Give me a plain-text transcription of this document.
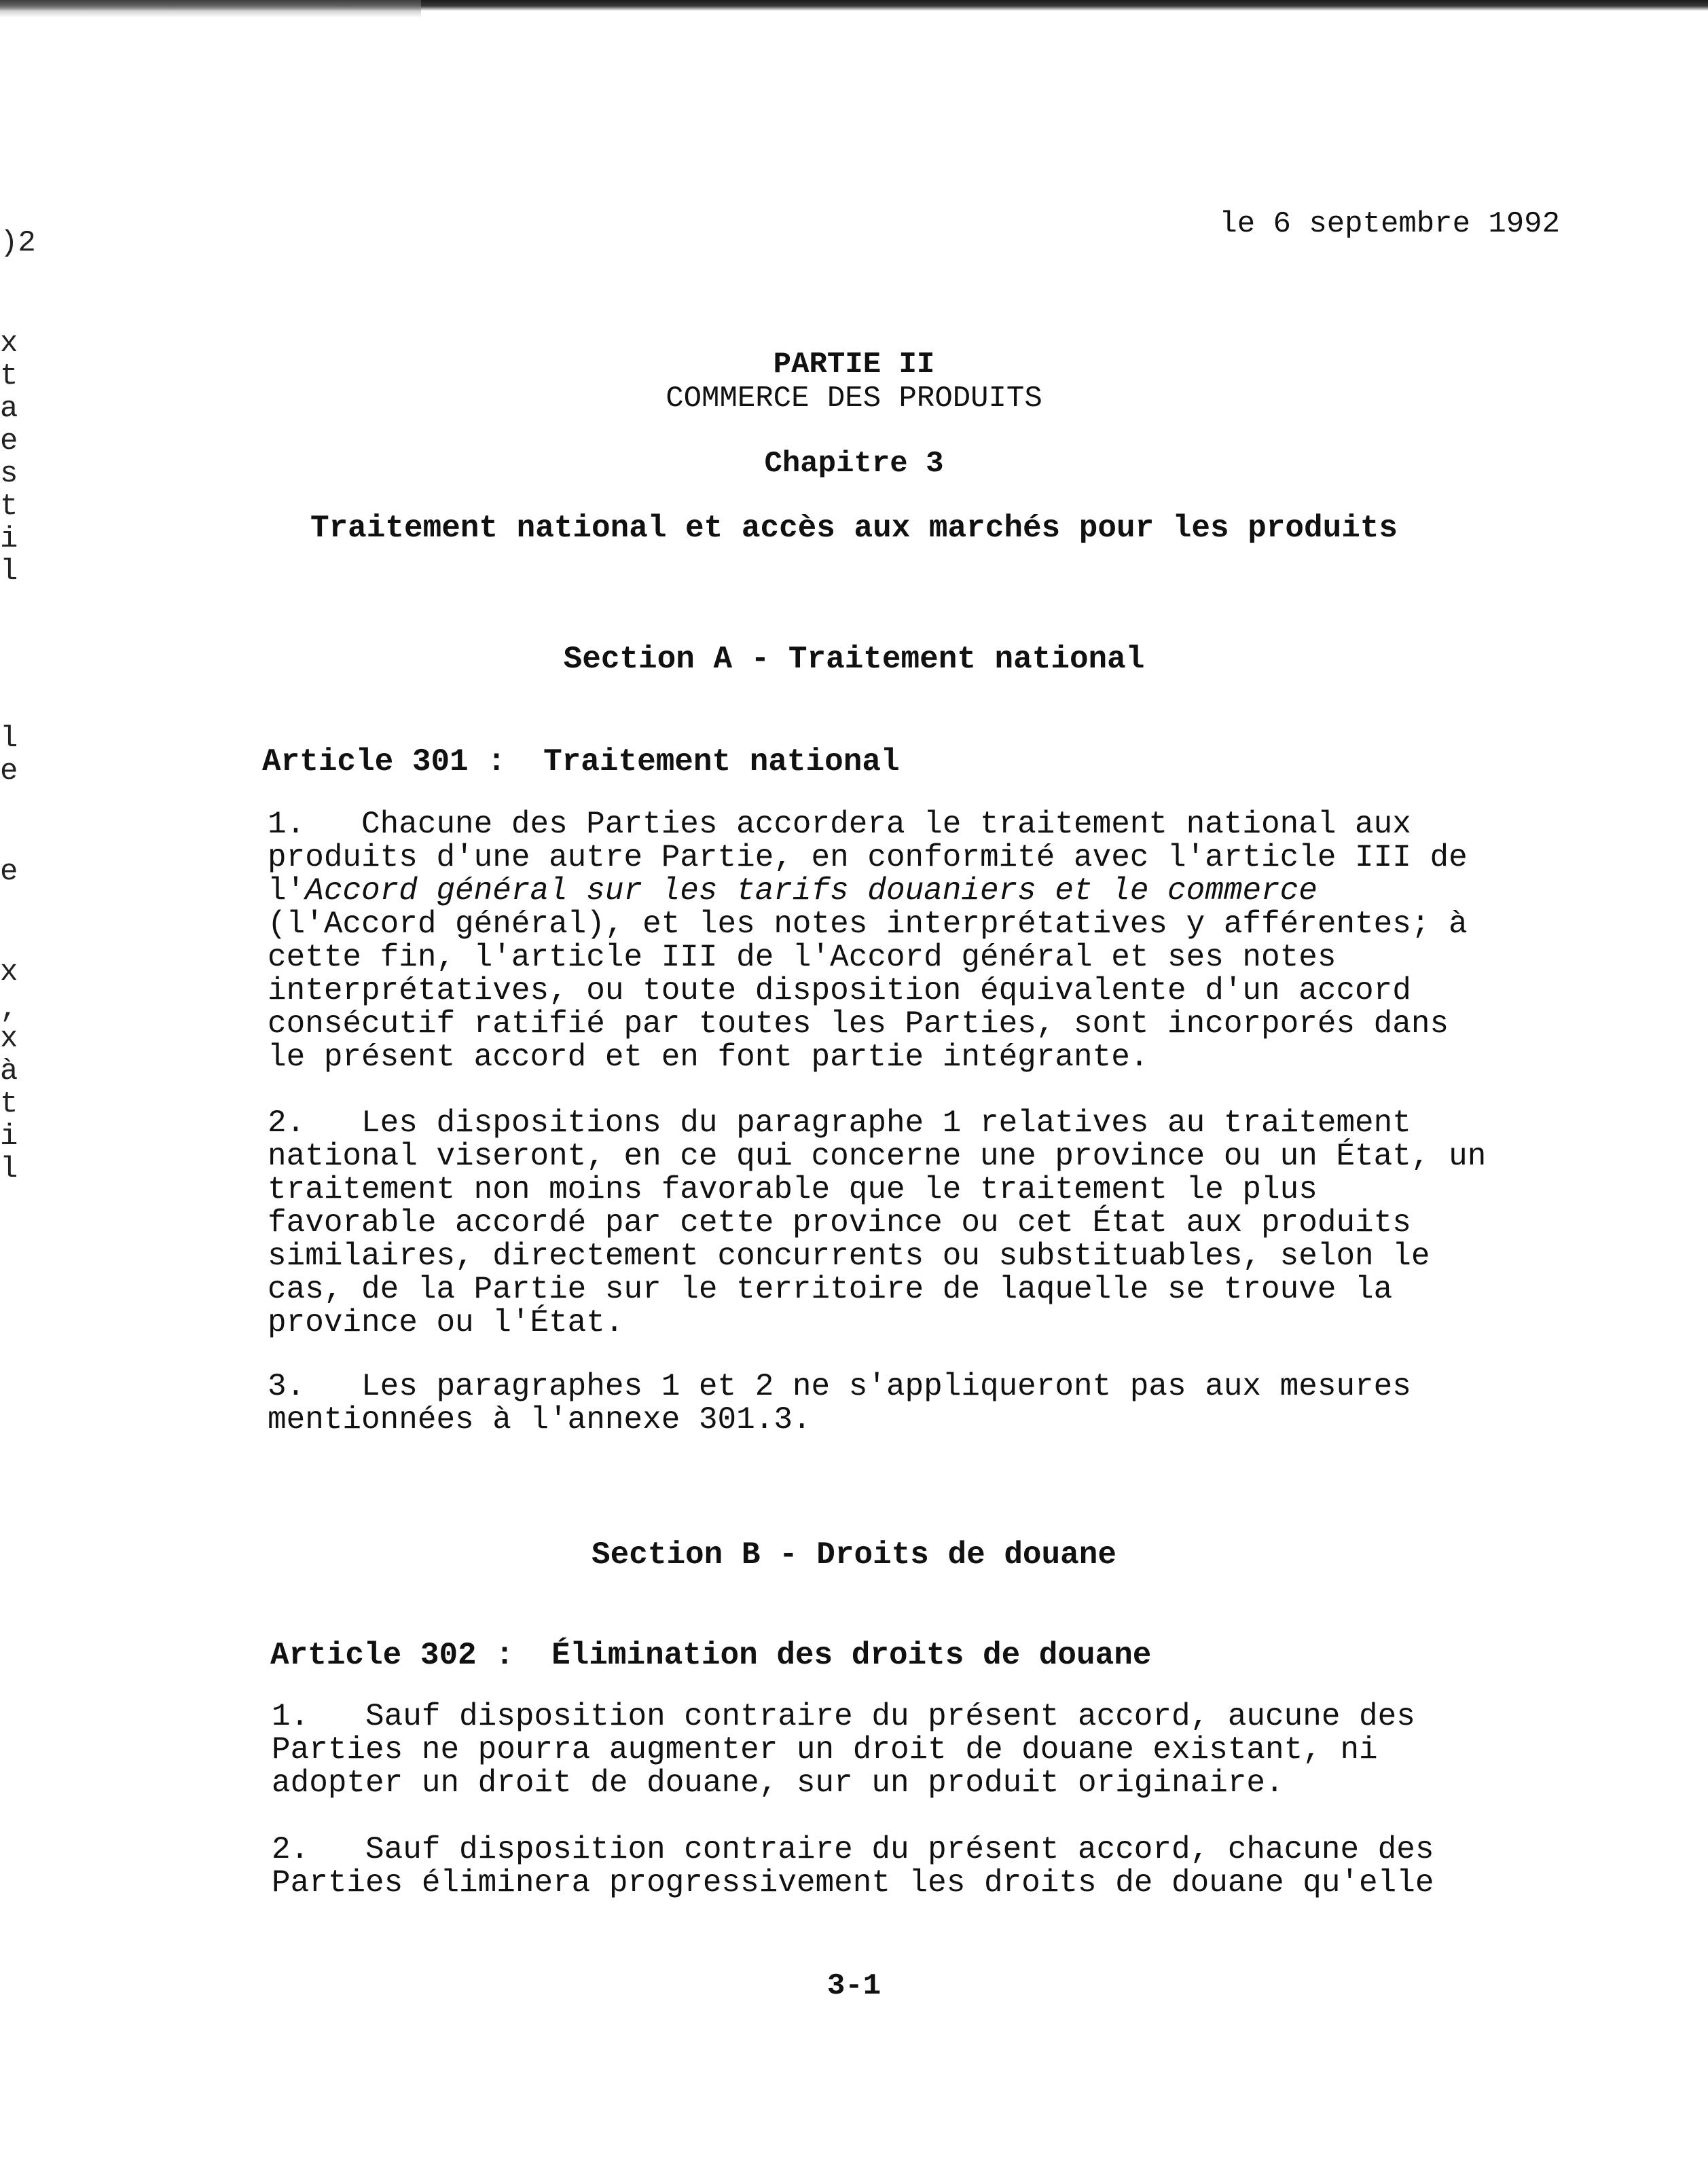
)2
x
t
a
e
s
t
i
l
l
e
e
x
,
x
à
t
i
l
le 6 septembre 1992
PARTIE II
COMMERCE DES PRODUITS
Chapitre 3
Traitement national et accès aux marchés pour les produits
Section A - Traitement national
Article 301 :  Traitement national
1.   Chacune des Parties accordera le traitement national aux
produits d'une autre Partie, en conformité avec l'article III de
l'Accord général sur les tarifs douaniers et le commerce
(l'Accord général), et les notes interprétatives y afférentes; à
cette fin, l'article III de l'Accord général et ses notes
interprétatives, ou toute disposition équivalente d'un accord
consécutif ratifié par toutes les Parties, sont incorporés dans
le présent accord et en font partie intégrante.
2.   Les dispositions du paragraphe 1 relatives au traitement
national viseront, en ce qui concerne une province ou un État, un
traitement non moins favorable que le traitement le plus
favorable accordé par cette province ou cet État aux produits
similaires, directement concurrents ou substituables, selon le
cas, de la Partie sur le territoire de laquelle se trouve la
province ou l'État.
3.   Les paragraphes 1 et 2 ne s'appliqueront pas aux mesures
mentionnées à l'annexe 301.3.
Section B - Droits de douane
Article 302 :  Élimination des droits de douane
1.   Sauf disposition contraire du présent accord, aucune des
Parties ne pourra augmenter un droit de douane existant, ni
adopter un droit de douane, sur un produit originaire.
2.   Sauf disposition contraire du présent accord, chacune des
Parties éliminera progressivement les droits de douane qu'elle
3-1
